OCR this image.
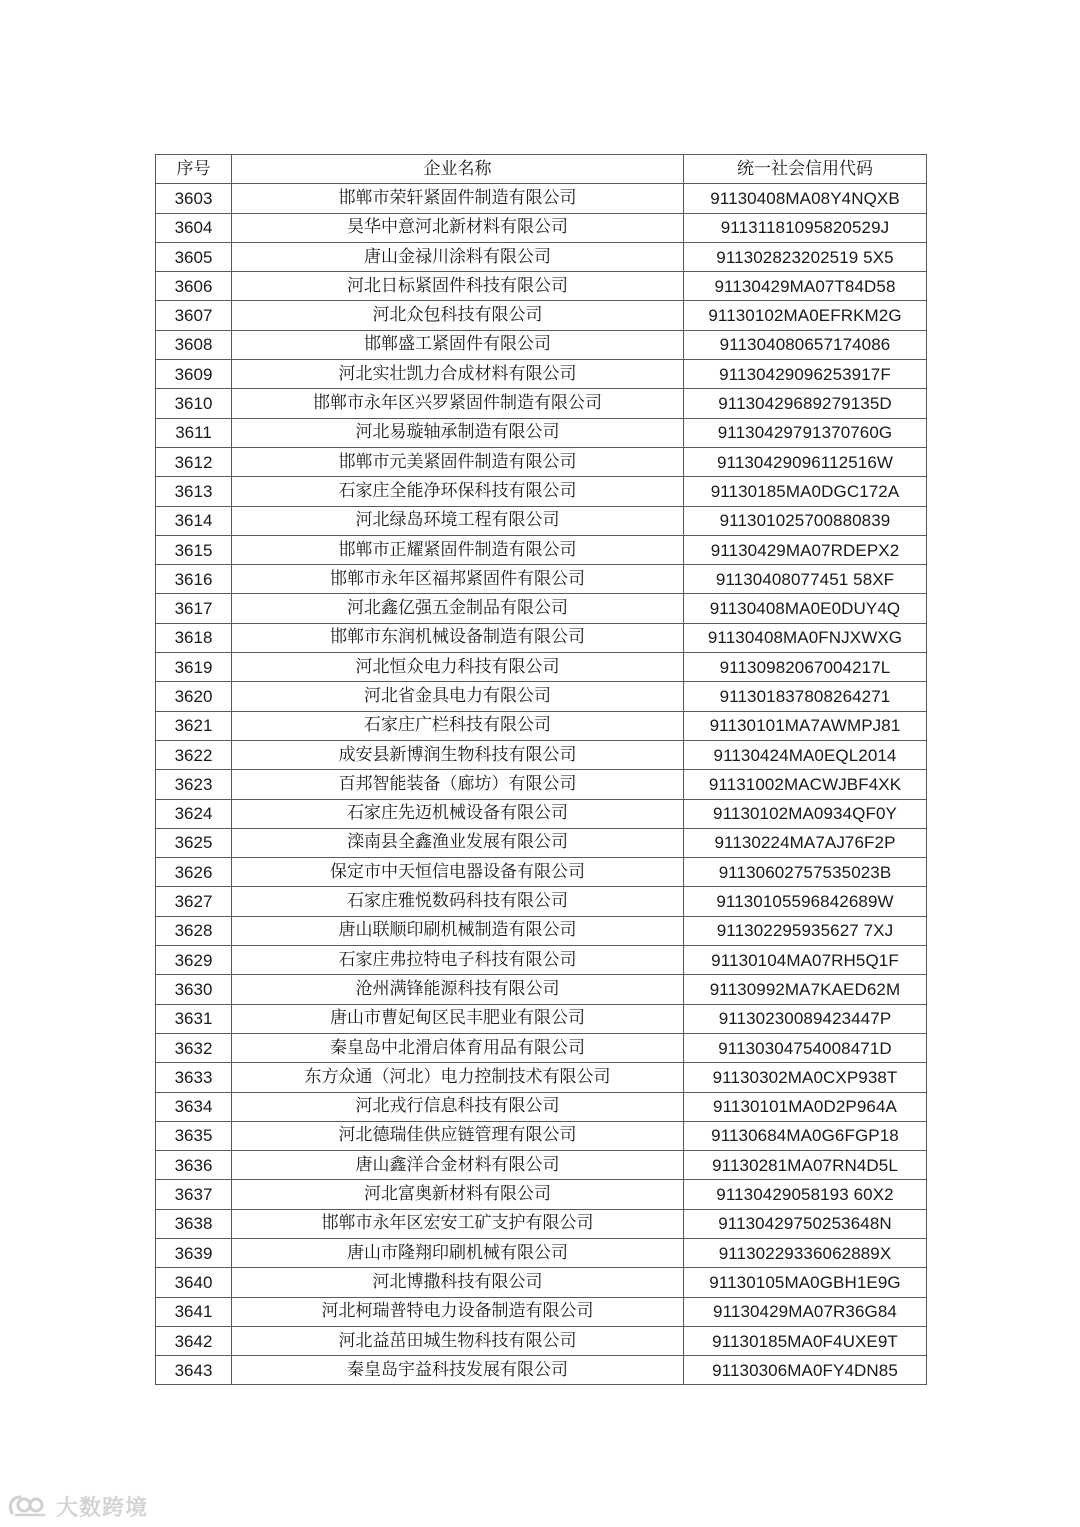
序号	企业名称	统一社会信用代码
3603	邯郸市荣轩紧固件制造有限公司	91130408MA08Y4NQXB
3604	昊华中意河北新材料有限公司	91131181095820529J
3605	唐山金禄川涂料有限公司	911302823202519 5X5
3606	河北日标紧固件科技有限公司	91130429MA07T84D58
3607	河北众包科技有限公司	91130102MA0EFRKM2G
3608	邯郸盛工紧固件有限公司	911304080657174086
3609	河北实壮凯力合成材料有限公司	91130429096253917F
3610	邯郸市永年区兴罗紧固件制造有限公司	91130429689279135D
3611	河北易璇轴承制造有限公司	91130429791370760G
3612	邯郸市元美紧固件制造有限公司	91130429096112516W
3613	石家庄全能净环保科技有限公司	91130185MA0DGC172A
3614	河北绿岛环境工程有限公司	911301025700880839
3615	邯郸市正耀紧固件制造有限公司	91130429MA07RDEPX2
3616	邯郸市永年区福邦紧固件有限公司	91130408077451 58XF
3617	河北鑫亿强五金制品有限公司	91130408MA0E0DUY4Q
3618	邯郸市东润机械设备制造有限公司	91130408MA0FNJXWXG
3619	河北恒众电力科技有限公司	91130982067004217L
3620	河北省金具电力有限公司	911301837808264271
3621	石家庄广栏科技有限公司	91130101MA7AWMPJ81
3622	成安县新博润生物科技有限公司	91130424MA0EQL2014
3623	百邦智能装备（廊坊）有限公司	91131002MACWJBF4XK
3624	石家庄先迈机械设备有限公司	91130102MA0934QF0Y
3625	滦南县全鑫渔业发展有限公司	91130224MA7AJ76F2P
3626	保定市中天恒信电器设备有限公司	91130602757535023B
3627	石家庄雅悦数码科技有限公司	91130105596842689W
3628	唐山联顺印刷机械制造有限公司	911302295935627 7XJ
3629	石家庄弗拉特电子科技有限公司	91130104MA07RH5Q1F
3630	沧州满锋能源科技有限公司	91130992MA7KAED62M
3631	唐山市曹妃甸区民丰肥业有限公司	91130230089423447P
3632	秦皇岛中北滑启体育用品有限公司	91130304754008471D
3633	东方众通（河北）电力控制技术有限公司	91130302MA0CXP938T
3634	河北戎行信息科技有限公司	91130101MA0D2P964A
3635	河北德瑞佳供应链管理有限公司	91130684MA0G6FGP18
3636	唐山鑫洋合金材料有限公司	91130281MA07RN4D5L
3637	河北富奥新材料有限公司	91130429058193 60X2
3638	邯郸市永年区宏安工矿支护有限公司	91130429750253648N
3639	唐山市隆翔印刷机械有限公司	91130229336062889X
3640	河北博撒科技有限公司	91130105MA0GBH1E9G
3641	河北柯瑞普特电力设备制造有限公司	91130429MA07R36G84
3642	河北益茁田城生物科技有限公司	91130185MA0F4UXE9T
3643	秦皇岛宇益科技发展有限公司	91130306MA0FY4DN85
大数跨境
